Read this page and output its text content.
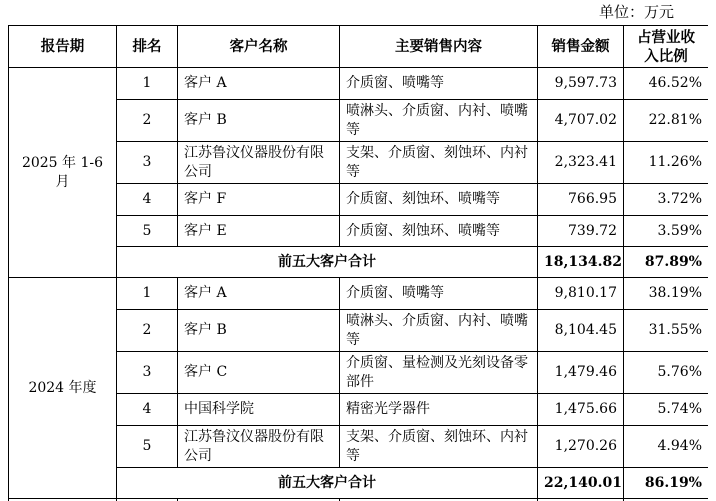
单位：万元
报告期	排名	客户名称	主要销售内容	销售金额	占营业收入比例
2025 年 1-6 月	1	客户 A	介质窗、喷嘴等	9,597.73	46.52%
	2	客户 B	喷淋头、介质窗、内衬、喷嘴等	4,707.02	22.81%
	3	江苏鲁汶仪器股份有限公司	支架、介质窗、刻蚀环、内衬等	2,323.41	11.26%
	4	客户 F	介质窗、刻蚀环、喷嘴等	766.95	3.72%
	5	客户 E	介质窗、刻蚀环、喷嘴等	739.72	3.59%
	前五大客户合计			18,134.82	87.89%
2024 年度	1	客户 A	介质窗、喷嘴等	9,810.17	38.19%
	2	客户 B	喷淋头、介质窗、内衬、喷嘴等	8,104.45	31.55%
	3	客户 C	介质窗、量检测及光刻设备零部件	1,479.46	5.76%
	4	中国科学院	精密光学器件	1,475.66	5.74%
	5	江苏鲁汶仪器股份有限公司	支架、介质窗、刻蚀环、内衬等	1,270.26	4.94%
	前五大客户合计			22,140.01	86.19%
